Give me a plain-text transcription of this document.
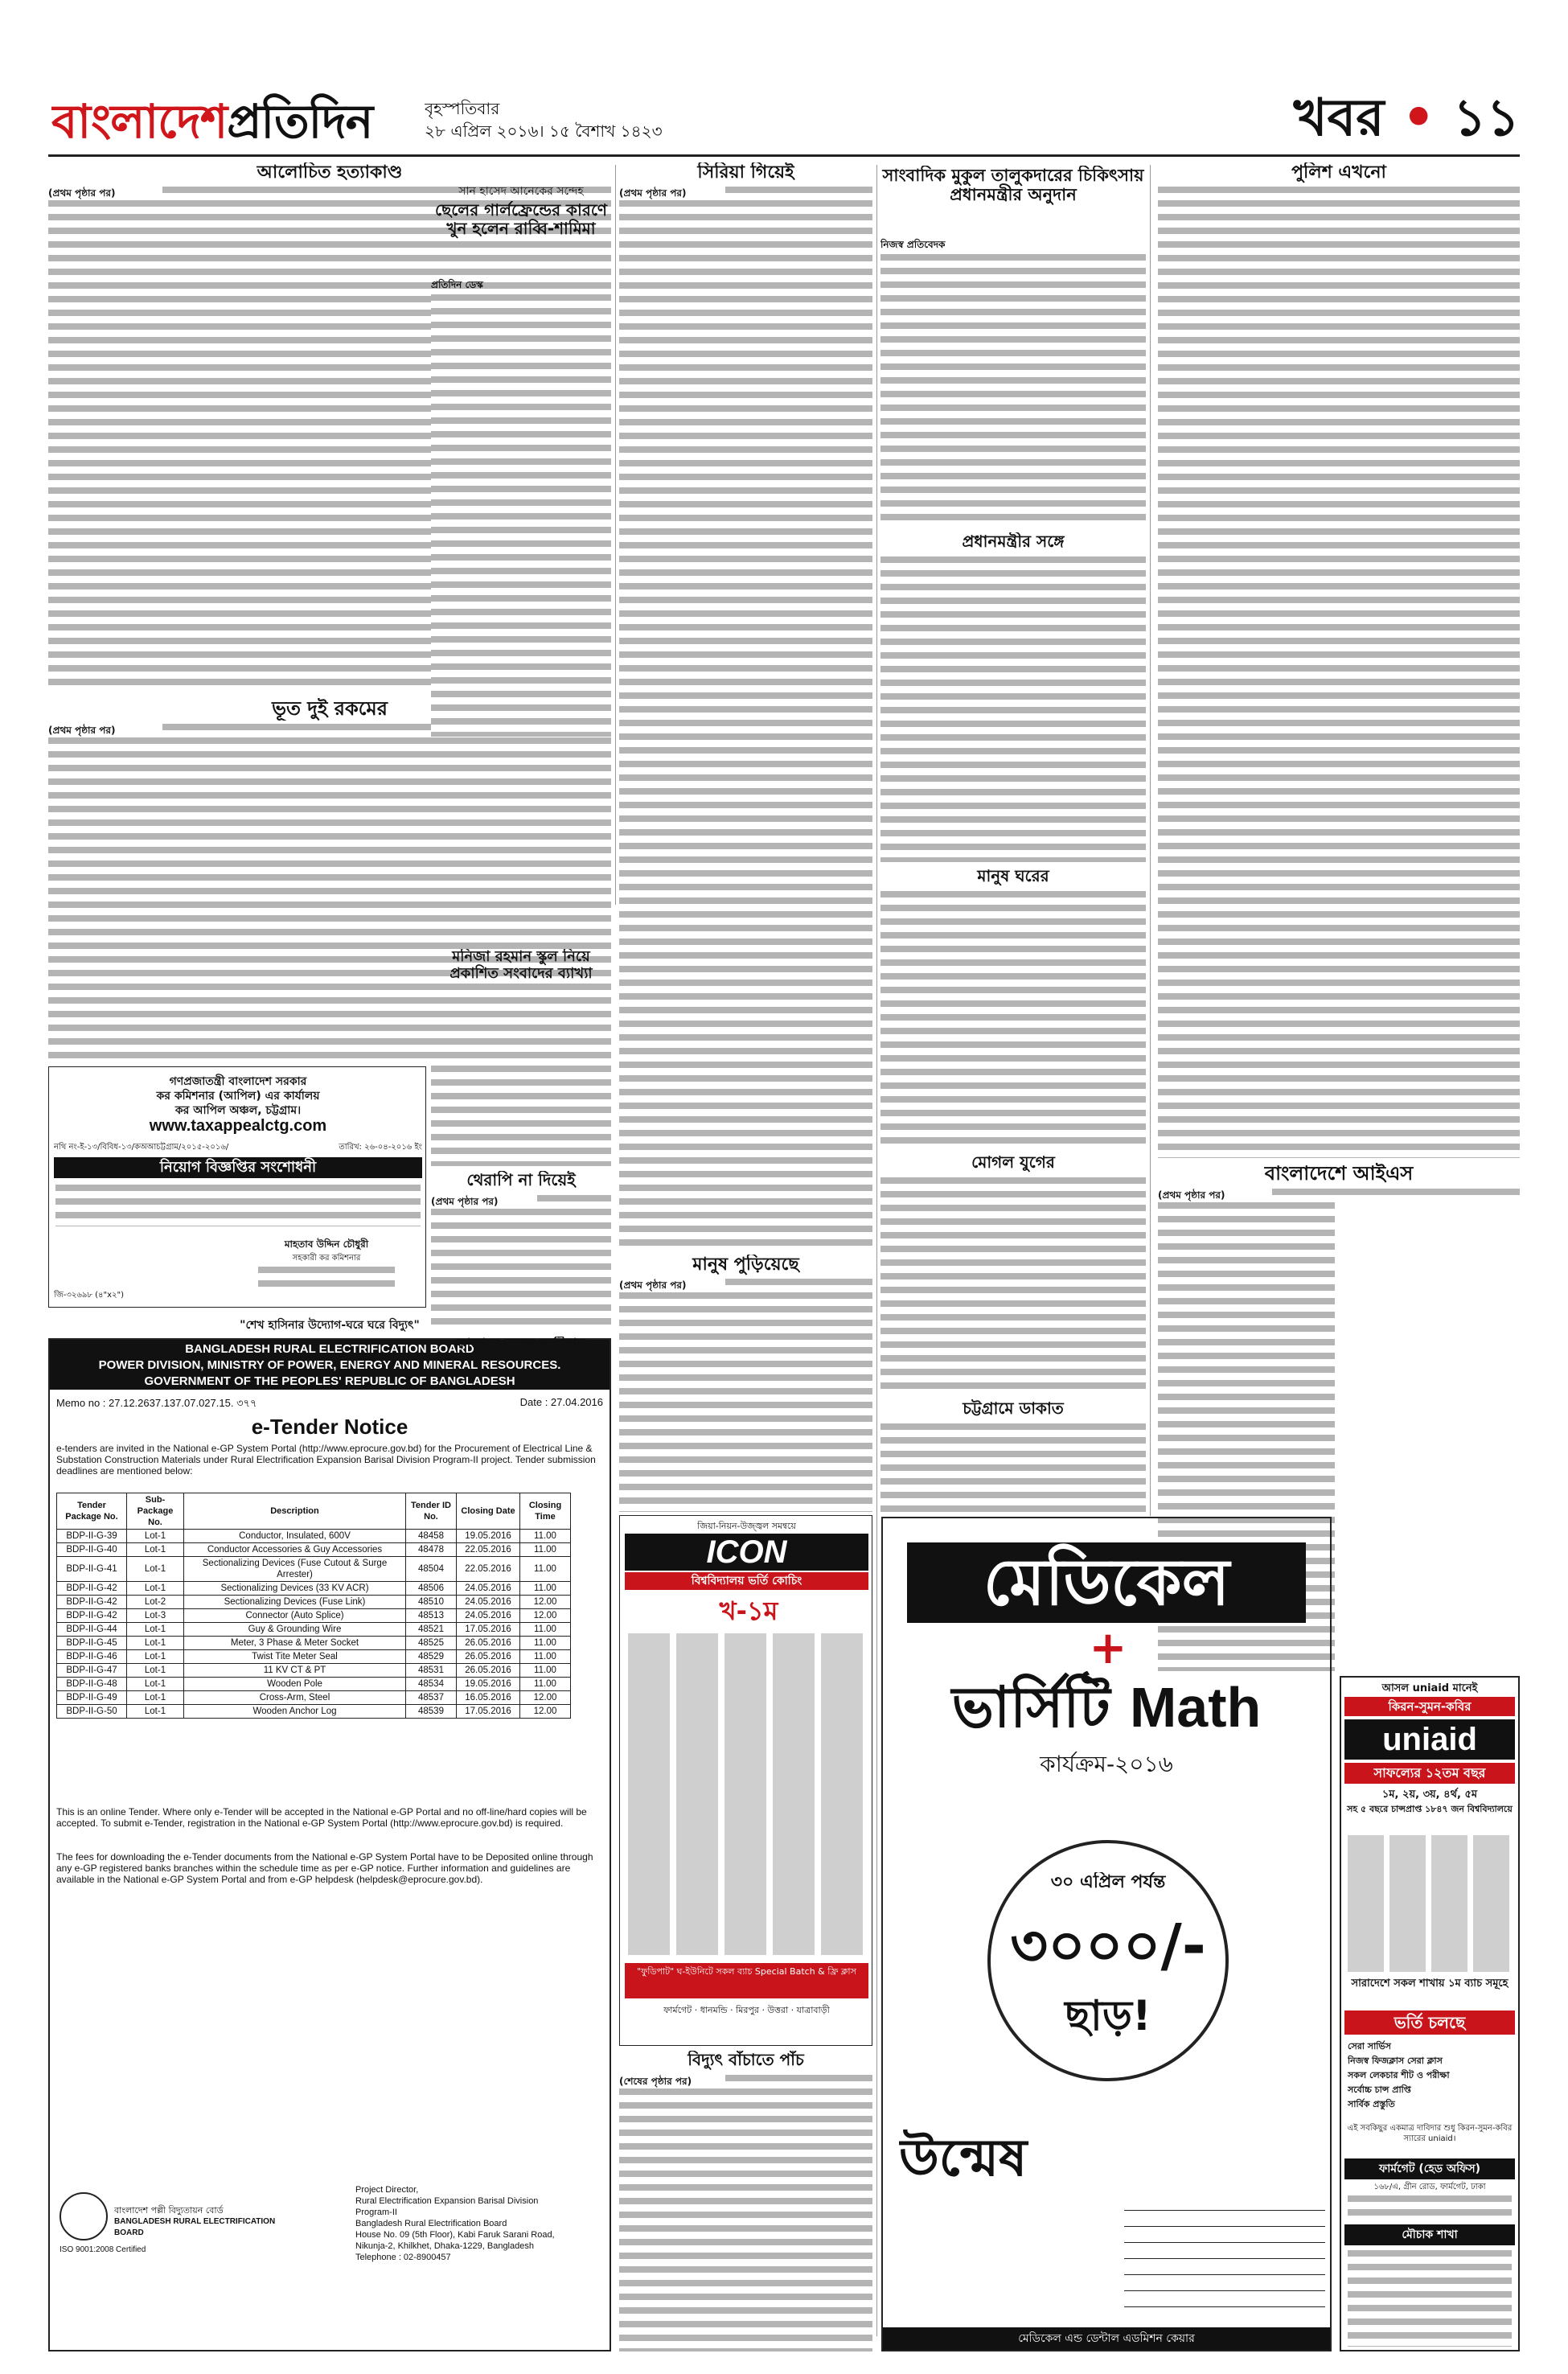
বাংলাদেশপ্রতিদিন	বৃহস্পতিবার
২৮ এপ্রিল ২০১৬। ১৫ বৈশাখ ১৪২৩	খবর • ১১
আলোচিত হত্যাকাণ্ড
(প্রথম পৃষ্ঠার পর)
ভূত দুই রকমের
(প্রথম পৃষ্ঠার পর)
গণপ্রজাতন্ত্রী বাংলাদেশ সরকার
কর কমিশনার (আপিল) এর কার্যালয়
কর আপিল অঞ্চল, চট্টগ্রাম।
www.taxappealctg.com
নথি নং-ই-১৩/বিবিধ-১৩/কঅআচট্টগ্রাম/২০১৫-২০১৬/	তারিখ: ২৬-০৪-২০১৬ ইং
নিয়োগ বিজ্ঞপ্তির সংশোধনী
মাহতাব উদ্দিন চৌধুরী
সহকারী কর কমিশনার
জি-৩২৬৯৮ (৪"x২")
"শেখ হাসিনার উদ্যোগ-ঘরে ঘরে বিদ্যুৎ"
BANGLADESH RURAL ELECTRIFICATION BOARD
POWER DIVISION, MINISTRY OF POWER, ENERGY AND MINERAL RESOURCES.
GOVERNMENT OF THE PEOPLES' REPUBLIC OF BANGLADESH
Memo no : 27.12.2637.137.07.027.15. ৩৭৭	Date : 27.04.2016
e-Tender Notice
e-tenders are invited in the National e-GP System Portal (http://www.eprocure.gov.bd) for the Procurement of Electrical Line & Substation Construction Materials under Rural Electrification Expansion Barisal Division Program-II project. Tender submission deadlines are mentioned below:
Tender Package No.	Sub-Package No.	Description	Tender ID No.	Closing Date	Closing Time
BDP-II-G-39	Lot-1	Conductor, Insulated, 600V	48458	19.05.2016	11.00
BDP-II-G-40	Lot-1	Conductor Accessories & Guy Accessories	48478	22.05.2016	11.00
BDP-II-G-41	Lot-1	Sectionalizing Devices (Fuse Cutout & Surge Arrester)	48504	22.05.2016	11.00
BDP-II-G-42	Lot-1	Sectionalizing Devices (33 KV ACR)	48506	24.05.2016	11.00
BDP-II-G-42	Lot-2	Sectionalizing Devices (Fuse Link)	48510	24.05.2016	12.00
BDP-II-G-42	Lot-3	Connector (Auto Splice)	48513	24.05.2016	12.00
BDP-II-G-44	Lot-1	Guy & Grounding Wire	48521	17.05.2016	11.00
BDP-II-G-45	Lot-1	Meter, 3 Phase & Meter Socket	48525	26.05.2016	11.00
BDP-II-G-46	Lot-1	Twist Tite Meter Seal	48529	26.05.2016	11.00
BDP-II-G-47	Lot-1	11 KV CT & PT	48531	26.05.2016	11.00
BDP-II-G-48	Lot-1	Wooden Pole	48534	19.05.2016	11.00
BDP-II-G-49	Lot-1	Cross-Arm, Steel	48537	16.05.2016	12.00
BDP-II-G-50	Lot-1	Wooden Anchor Log	48539	17.05.2016	12.00
This is an online Tender. Where only e-Tender will be accepted in the National e-GP Portal and no off-line/hard copies will be accepted. To submit e-Tender, registration in the National e-GP System Portal (http://www.eprocure.gov.bd) is required.
The fees for downloading the e-Tender documents from the National e-GP System Portal have to be Deposited online through any e-GP registered banks branches within the schedule time as per e-GP notice. Further information and guidelines are available in the National e-GP System Portal and from e-GP helpdesk (helpdesk@eprocure.gov.bd).
বাংলাদেশ পল্লী বিদ্যুতায়ন বোর্ড
BANGLADESH RURAL ELECTRIFICATION BOARD
ISO 9001:2008 Certified
Project Director,
Rural Electrification Expansion Barisal Division
Program-II
Bangladesh Rural Electrification Board
House No. 09 (5th Floor), Kabi Faruk Sarani Road,
Nikunja-2, Khilkhet, Dhaka-1229, Bangladesh
Telephone : 02-8900457
সান হাসেদ আনেকের সন্দেহ
ছেলের গার্লফ্রেন্ডের কারণে খুন হলেন রাব্বি-শামিমা
প্রতিদিন ডেস্ক
মনিজা রহমান স্কুল নিয়ে প্রকাশিত সংবাদের ব্যাখ্যা
থেরাপি না দিয়েই
(প্রথম পৃষ্ঠার পর)
কাতারে সড়ক দুর্ঘটনায়
সিরিয়া গিয়েই
(প্রথম পৃষ্ঠার পর)
মানুষ পুড়িয়েছে
(প্রথম পৃষ্ঠার পর)
জিয়া-নিয়ন-উজ্জ্বল সমন্বয়ে
ICON
বিশ্ববিদ্যালয় ভর্তি কোচিং
খ-১ম
"ফুডিপাট" ঘ-ইউনিটে সকল ব্যাচ Special Batch & ফ্রি ক্লাস
ফার্মগেট · ধানমন্ডি · মিরপুর · উত্তরা · যাত্রাবাড়ী
বিদ্যুৎ বাঁচাতে পাঁচ
(শেষের পৃষ্ঠার পর)
সাংবাদিক মুকুল তালুকদারের চিকিৎসায় প্রধানমন্ত্রীর অনুদান
নিজস্ব প্রতিবেদক
প্রধানমন্ত্রীর সঙ্গে
মানুষ ঘরের
মোগল যুগের
চট্টগ্রামে ডাকাত
পুলিশ এখনো
বাংলাদেশে আইএস
(প্রথম পৃষ্ঠার পর)
মেডিকেল
+
ভার্সিটি Math
কার্যক্রম-২০১৬
৩০ এপ্রিল পর্যন্ত
৩০০০/-
ছাড়!
উন্মেষ
মেডিকেল এন্ড ডেন্টাল এডমিশন কেয়ার
আসল uniaid মানেই
কিরন-সুমন-কবির
uniaid
সাফল্যের ১২তম বছর
১ম, ২য়, ৩য়, ৪র্থ, ৫ম
সহ ৫ বছরে চান্সপ্রাপ্ত ১৮৪৭ জন বিশ্ববিদ্যালয়ে
সারাদেশে সকল শাখায় ১ম ব্যাচ সমূহে
ভর্তি চলছে
সেরা সার্ভিস
নিজস্ব ফিজক্লাস সেরা ক্লাস
সকল লেকচার শীট ও পরীক্ষা
সর্বোচ্চ চান্স প্রাপ্তি
সার্বিক প্রস্তুতি
এই সবকিছুর একমাত্র দাবিদার শুধু কিরন-সুমন-কবির স্যারের uniaid।
ফার্মগেট (হেড অফিস)
১৬৮/এ, গ্রীন রোড, ফার্মগেট, ঢাকা
মৌচাক শাখা
